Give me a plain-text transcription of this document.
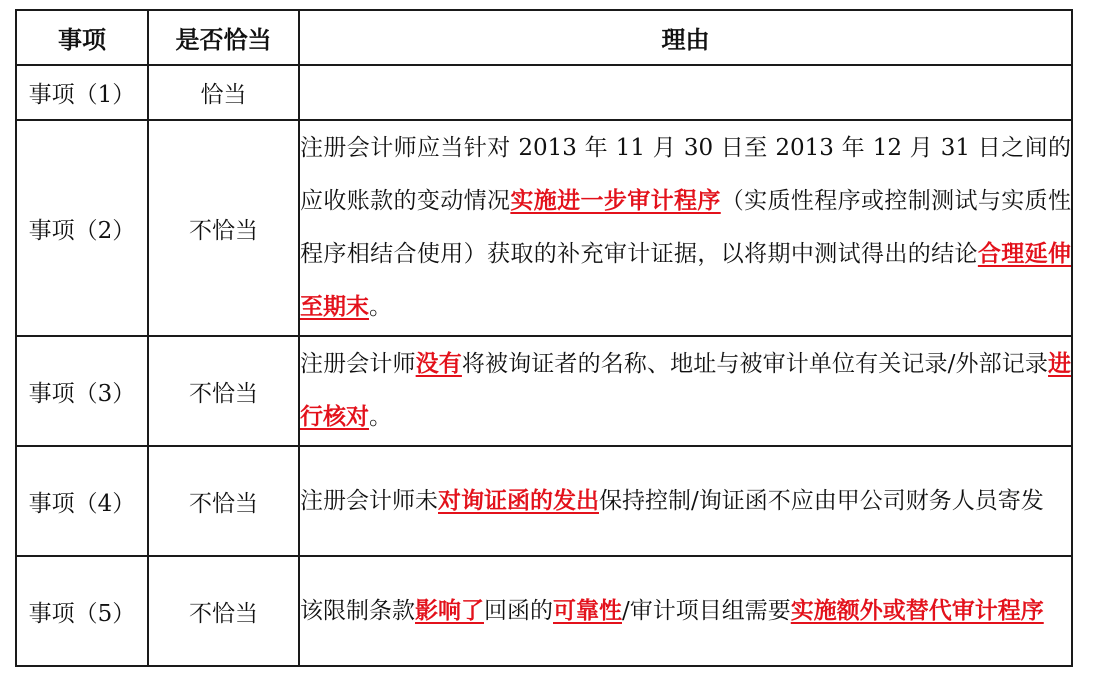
事项	是否恰当	理由
事项（1）	恰当	
事项（2）	不恰当	注册会计师应当针对 2013 年 11 月 30 日至 2013 年 12 月 31 日之间的应收账款的变动情况实施进一步审计程序（实质性程序或控制测试与实质性程序相结合使用）获取的补充审计证据，以将期中测试得出的结论合理延伸至期末。
事项（3）	不恰当	注册会计师没有将被询证者的名称、地址与被审计单位有关记录/外部记录进行核对。
事项（4）	不恰当	注册会计师未对询证函的发出保持控制/询证函不应由甲公司财务人员寄发
事项（5）	不恰当	该限制条款影响了回函的可靠性/审计项目组需要实施额外或替代审计程序
